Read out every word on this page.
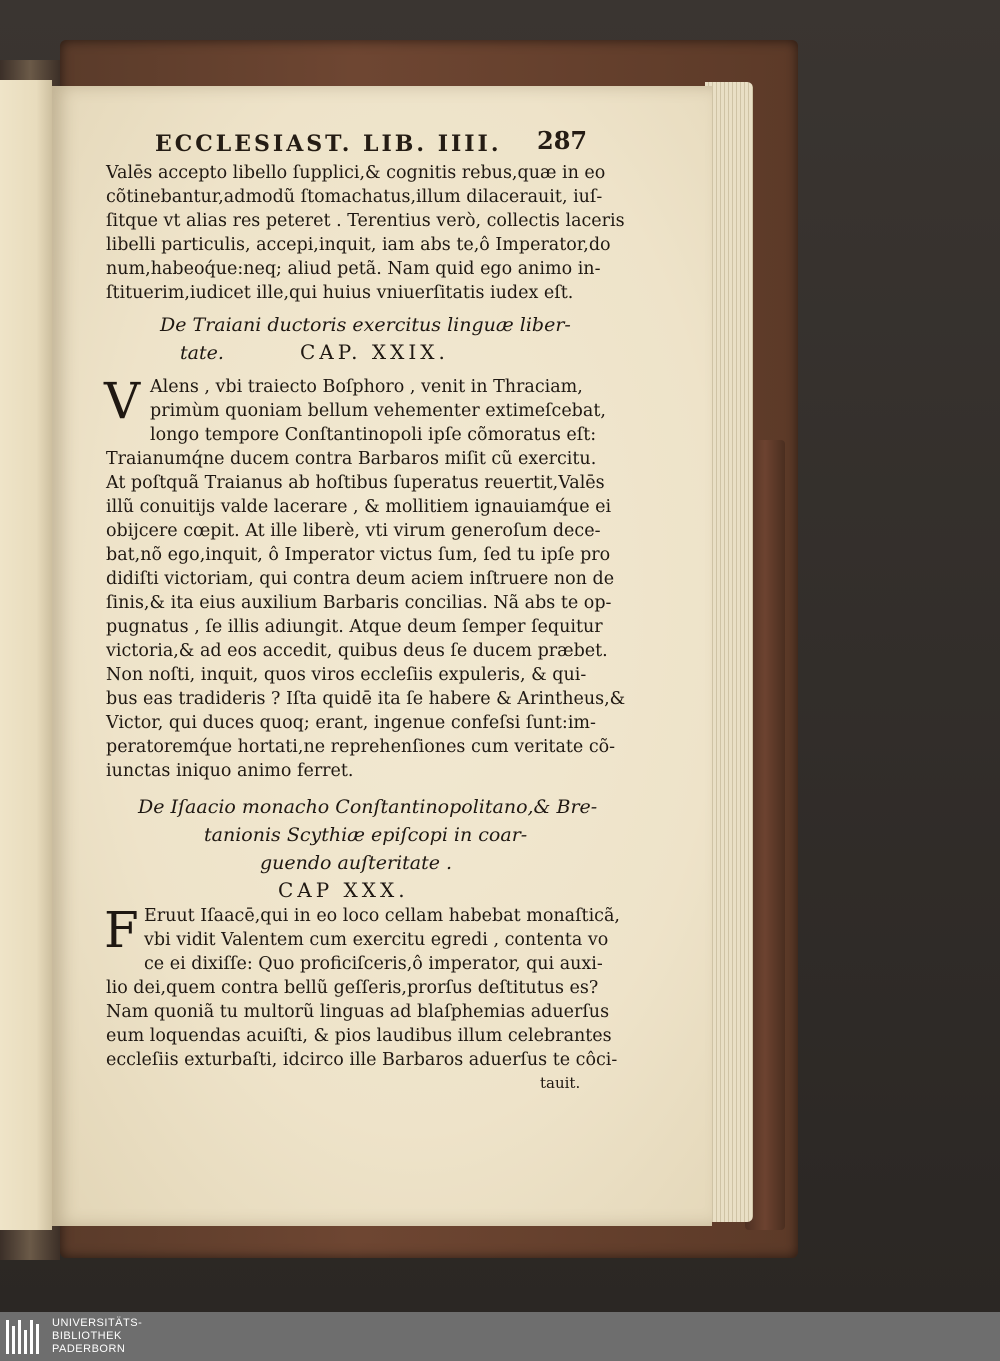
ECCLESIAST. LIB. IIII.	287
Valēs accepto libello ſupplici,& cognitis rebus,quæ in eo
cõtinebantur,admodũ ſtomachatus,illum dilacerauit, iuſ-
ſitque vt alias res peteret . Terentius verò, collectis laceris
libelli particulis, accepi,inquit, iam abs te,ô Imperator,do
num,habeoq́ue:neq; aliud petã. Nam quid ego animo in-
ſtituerim,iudicet ille,qui huius vniuerſitatis iudex eſt.
De Traiani ductoris exercitus linguæ liber-
tate.	CAP. XXIX.
V Alens , vbi traiecto Boſphoro , venit in Thraciam,
primùm quoniam bellum vehementer extimeſcebat,
longo tempore Conſtantinopoli ipſe cõmoratus eſt:
Traianumq́ne ducem contra Barbaros miſit cũ exercitu.
At poſtquã Traianus ab hoſtibus ſuperatus reuertit,Valēs
illũ conuitijs valde lacerare , & mollitiem ignauiamq́ue ei
obijcere cœpit. At ille liberè, vti virum generoſum dece-
bat,nõ ego,inquit, ô Imperator victus ſum, ſed tu ipſe pro
didiſti victoriam, qui contra deum aciem inſtruere non de
ſinis,& ita eius auxilium Barbaris concilias. Nã abs te op-
pugnatus , ſe illis adiungit. Atque deum ſemper ſequitur
victoria,& ad eos accedit, quibus deus ſe ducem præbet.
Non noſti, inquit, quos viros eccleſiis expuleris, & qui-
bus eas tradideris ? Iſta quidē ita ſe habere & Arintheus,&
Victor, qui duces quoq; erant, ingenue confeſsi ſunt:im-
peratoremq́ue hortati,ne reprehenſiones cum veritate cõ-
iunctas iniquo animo ferret.
De Iſaacio monacho Conſtantinopolitano,& Bre-
tanionis Scythiæ epiſcopi in coar-
guendo auſteritate .
CAP XXX.
F Eruut Iſaacē,qui in eo loco cellam habebat monaſticã,
vbi vidit Valentem cum exercitu egredi , contenta vo
ce ei dixiſſe: Quo proficiſceris,ô imperator, qui auxi-
lio dei,quem contra bellũ geſſeris,prorſus deſtitutus es?
Nam quoniã tu multorũ linguas ad blaſphemias aduerſus
eum loquendas acuiſti, & pios laudibus illum celebrantes
eccleſiis exturbaſti, idcirco ille Barbaros aduerſus te côci-
tauit.
UNIVERSITÄTS-
BIBLIOTHEK
PADERBORN
